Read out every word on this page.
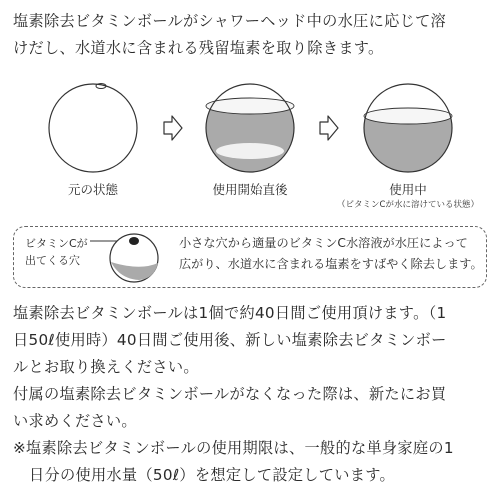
塩素除去ビタミンボールがシャワーヘッド中の水圧に応じて溶
けだし、水道水に含まれる残留塩素を取り除きます。
元の状態	使用開始直後	使用中
（ビタミンCが水に溶けている状態）
ビタミンCが
出てくる穴
小さな穴から適量のビタミンC水溶液が水圧によって
広がり、水道水に含まれる塩素をすばやく除去します。
塩素除去ビタミンボールは1個で約40日間ご使用頂けます。（1
日50ℓ使用時）40日間ご使用後、新しい塩素除去ビタミンボー
ルとお取り換えください。
付属の塩素除去ビタミンボールがなくなった際は、新たにお買
い求めください。
※塩素除去ビタミンボールの使用期限は、一般的な単身家庭の1
日分の使用水量（50ℓ）を想定して設定しています。
